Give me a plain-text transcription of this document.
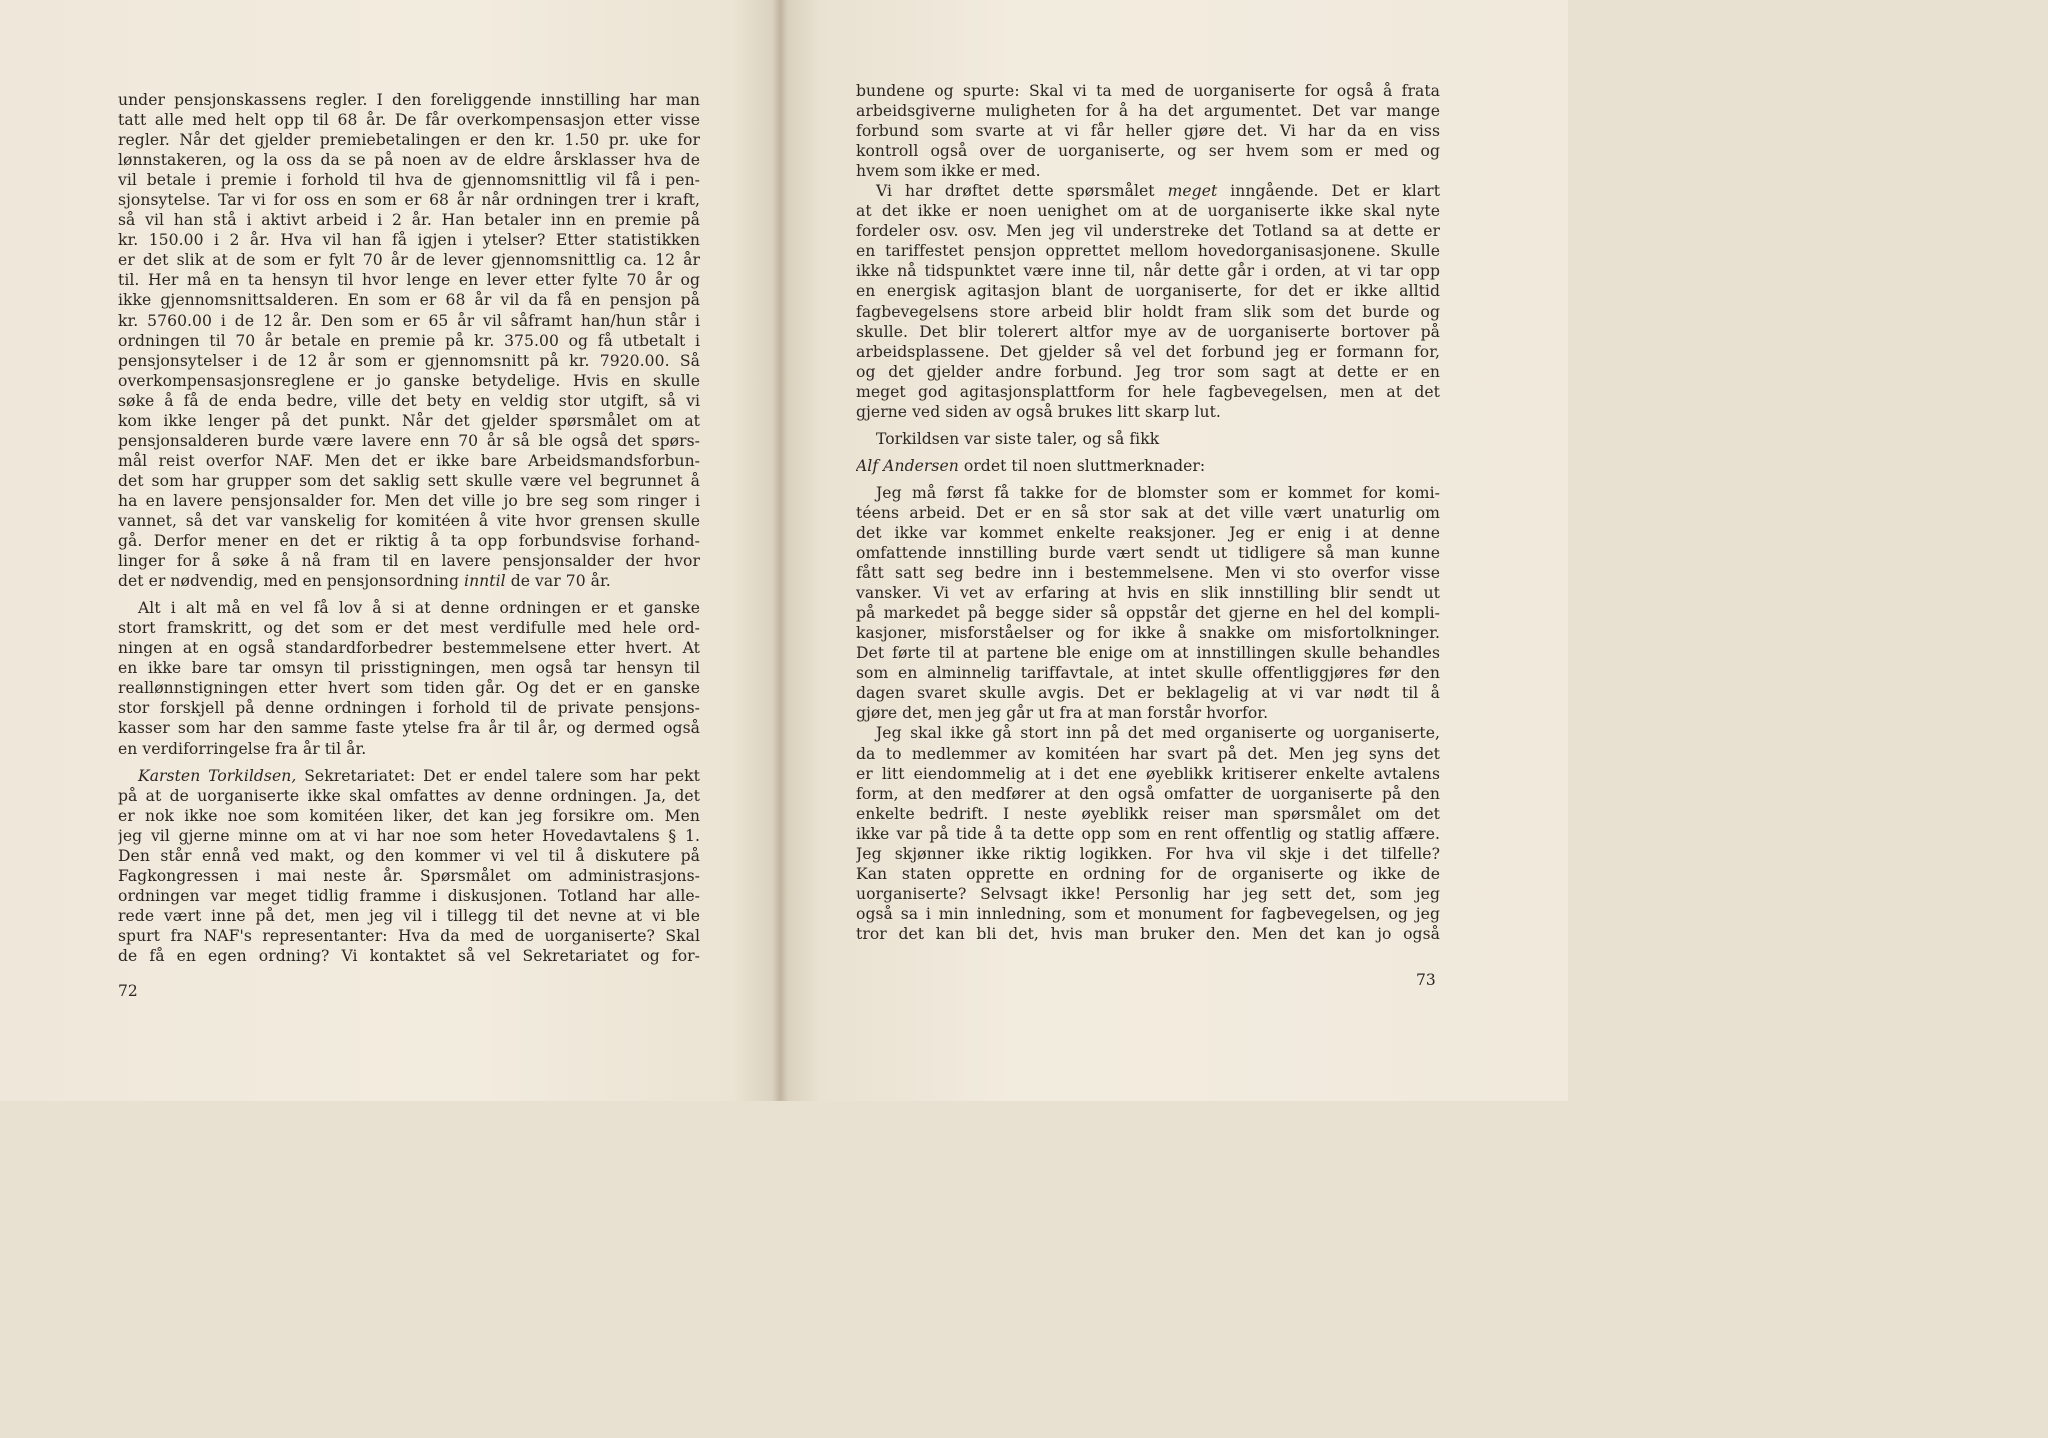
under pensjonskassens regler. I den foreliggende innstilling har man
tatt alle med helt opp til 68 år. De får overkompensasjon etter visse
regler. Når det gjelder premiebetalingen er den kr. 1.50 pr. uke for
lønnstakeren, og la oss da se på noen av de eldre årsklasser hva de
vil betale i premie i forhold til hva de gjennomsnittlig vil få i pen-
sjonsytelse. Tar vi for oss en som er 68 år når ordningen trer i kraft,
så vil han stå i aktivt arbeid i 2 år. Han betaler inn en premie på
kr. 150.00 i 2 år. Hva vil han få igjen i ytelser? Etter statistikken
er det slik at de som er fylt 70 år de lever gjennomsnittlig ca. 12 år
til. Her må en ta hensyn til hvor lenge en lever etter fylte 70 år og
ikke gjennomsnittsalderen. En som er 68 år vil da få en pensjon på
kr. 5760.00 i de 12 år. Den som er 65 år vil såframt han/hun står i
ordningen til 70 år betale en premie på kr. 375.00 og få utbetalt i
pensjonsytelser i de 12 år som er gjennomsnitt på kr. 7920.00. Så
overkompensasjonsreglene er jo ganske betydelige. Hvis en skulle
søke å få de enda bedre, ville det bety en veldig stor utgift, så vi
kom ikke lenger på det punkt. Når det gjelder spørsmålet om at
pensjonsalderen burde være lavere enn 70 år så ble også det spørs-
mål reist overfor NAF. Men det er ikke bare Arbeidsmandsforbun-
det som har grupper som det saklig sett skulle være vel begrunnet å
ha en lavere pensjonsalder for. Men det ville jo bre seg som ringer i
vannet, så det var vanskelig for komitéen å vite hvor grensen skulle
gå. Derfor mener en det er riktig å ta opp forbundsvise forhand-
linger for å søke å nå fram til en lavere pensjonsalder der hvor
det er nødvendig, med en pensjonsordning inntil de var 70 år.
Alt i alt må en vel få lov å si at denne ordningen er et ganske
stort framskritt, og det som er det mest verdifulle med hele ord-
ningen at en også standardforbedrer bestemmelsene etter hvert. At
en ikke bare tar omsyn til prisstigningen, men også tar hensyn til
reallønnstigningen etter hvert som tiden går. Og det er en ganske
stor forskjell på denne ordningen i forhold til de private pensjons-
kasser som har den samme faste ytelse fra år til år, og dermed også
en verdiforringelse fra år til år.
Karsten Torkildsen, Sekretariatet: Det er endel talere som har pekt
på at de uorganiserte ikke skal omfattes av denne ordningen. Ja, det
er nok ikke noe som komitéen liker, det kan jeg forsikre om. Men
jeg vil gjerne minne om at vi har noe som heter Hovedavtalens § 1.
Den står ennå ved makt, og den kommer vi vel til å diskutere på
Fagkongressen i mai neste år. Spørsmålet om administrasjons-
ordningen var meget tidlig framme i diskusjonen. Totland har alle-
rede vært inne på det, men jeg vil i tillegg til det nevne at vi ble
spurt fra NAF's representanter: Hva da med de uorganiserte? Skal
de få en egen ordning? Vi kontaktet så vel Sekretariatet og for-
72
bundene og spurte: Skal vi ta med de uorganiserte for også å frata
arbeidsgiverne muligheten for å ha det argumentet. Det var mange
forbund som svarte at vi får heller gjøre det. Vi har da en viss
kontroll også over de uorganiserte, og ser hvem som er med og
hvem som ikke er med.
Vi har drøftet dette spørsmålet meget inngående. Det er klart
at det ikke er noen uenighet om at de uorganiserte ikke skal nyte
fordeler osv. osv. Men jeg vil understreke det Totland sa at dette er
en tariffestet pensjon opprettet mellom hovedorganisasjonene. Skulle
ikke nå tidspunktet være inne til, når dette går i orden, at vi tar opp
en energisk agitasjon blant de uorganiserte, for det er ikke alltid
fagbevegelsens store arbeid blir holdt fram slik som det burde og
skulle. Det blir tolerert altfor mye av de uorganiserte bortover på
arbeidsplassene. Det gjelder så vel det forbund jeg er formann for,
og det gjelder andre forbund. Jeg tror som sagt at dette er en
meget god agitasjonsplattform for hele fagbevegelsen, men at det
gjerne ved siden av også brukes litt skarp lut.
Torkildsen var siste taler, og så fikk
Alf Andersen ordet til noen sluttmerknader:
Jeg må først få takke for de blomster som er kommet for komi-
téens arbeid. Det er en så stor sak at det ville vært unaturlig om
det ikke var kommet enkelte reaksjoner. Jeg er enig i at denne
omfattende innstilling burde vært sendt ut tidligere så man kunne
fått satt seg bedre inn i bestemmelsene. Men vi sto overfor visse
vansker. Vi vet av erfaring at hvis en slik innstilling blir sendt ut
på markedet på begge sider så oppstår det gjerne en hel del kompli-
kasjoner, misforståelser og for ikke å snakke om misfortolkninger.
Det førte til at partene ble enige om at innstillingen skulle behandles
som en alminnelig tariffavtale, at intet skulle offentliggjøres før den
dagen svaret skulle avgis. Det er beklagelig at vi var nødt til å
gjøre det, men jeg går ut fra at man forstår hvorfor.
Jeg skal ikke gå stort inn på det med organiserte og uorganiserte,
da to medlemmer av komitéen har svart på det. Men jeg syns det
er litt eiendommelig at i det ene øyeblikk kritiserer enkelte avtalens
form, at den medfører at den også omfatter de uorganiserte på den
enkelte bedrift. I neste øyeblikk reiser man spørsmålet om det
ikke var på tide å ta dette opp som en rent offentlig og statlig affære.
Jeg skjønner ikke riktig logikken. For hva vil skje i det tilfelle?
Kan staten opprette en ordning for de organiserte og ikke de
uorganiserte? Selvsagt ikke! Personlig har jeg sett det, som jeg
også sa i min innledning, som et monument for fagbevegelsen, og jeg
tror det kan bli det, hvis man bruker den. Men det kan jo også
73
